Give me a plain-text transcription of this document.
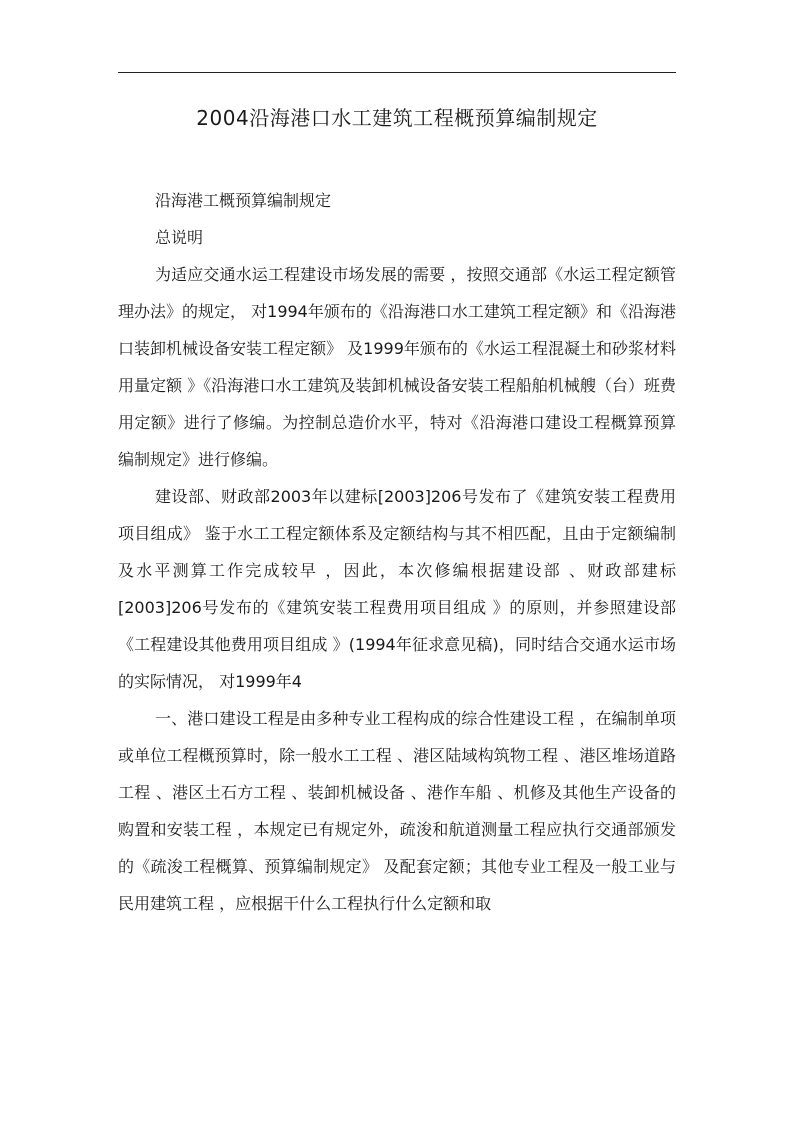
2004沿海港口水工建筑工程概预算编制规定

沿海港工概预算编制规定

总说明

为适应交通水运工程建设市场发展的需要 ，按照交通部《水运工程定额管理办法》的规定， 对1994年颁布的《沿海港口水工建筑工程定额》和《沿海港口装卸机械设备安装工程定额》 及1999年颁布的《水运工程混凝土和砂浆材料用量定额 》《沿海港口水工建筑及装卸机械设备安装工程船舶机械艘（台）班费用定额》进行了修编。为控制总造价水平，特对《沿海港口建设工程概算预算编制规定》进行修编。

建设部、财政部2003年以建标[2003]206号发布了《建筑安装工程费用项目组成》 鉴于水工工程定额体系及定额结构与其不相匹配，且由于定额编制及水平测算工作完成较早 ，因此，本次修编根据建设部 、财政部建标[2003]206号发布的《建筑安装工程费用项目组成 》的原则，并参照建设部《工程建设其他费用项目组成 》(1994年征求意见稿)，同时结合交通水运市场的实际情况， 对1999年4

一、港口建设工程是由多种专业工程构成的综合性建设工程 ，在编制单项或单位工程概预算时，除一般水工工程 、港区陆域构筑物工程 、港区堆场道路工程 、港区土石方工程 、装卸机械设备 、港作车船 、机修及其他生产设备的购置和安装工程 ，本规定已有规定外，疏浚和航道测量工程应执行交通部颁发的《疏浚工程概算、预算编制规定》 及配套定额；其他专业工程及一般工业与民用建筑工程 ，应根据干什么工程执行什么定额和取
